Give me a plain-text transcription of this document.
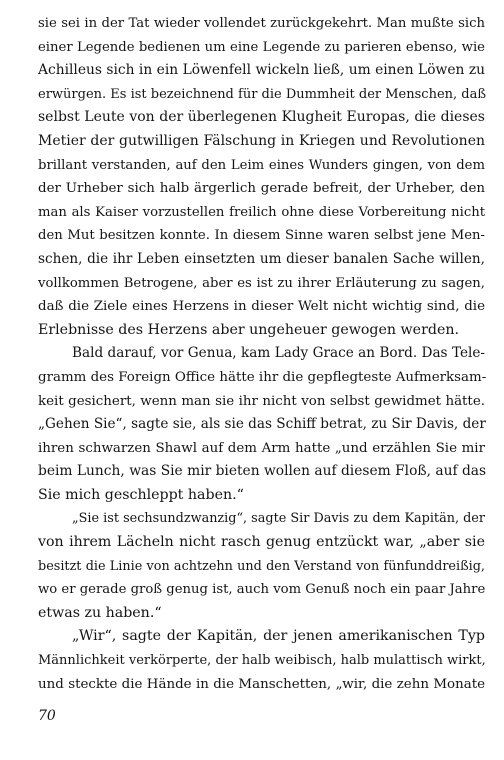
sie sei in der Tat wieder vollendet zurückgekehrt. Man mußte sich
einer Legende bedienen um eine Legende zu parieren ebenso, wie
Achilleus sich in ein Löwenfell wickeln ließ, um einen Löwen zu
erwürgen. Es ist bezeichnend für die Dummheit der Menschen, daß
selbst Leute von der überlegenen Klugheit Europas, die dieses
Metier der gutwilligen Fälschung in Kriegen und Revolutionen
brillant verstanden, auf den Leim eines Wunders gingen, von dem
der Urheber sich halb ärgerlich gerade befreit, der Urheber, den
man als Kaiser vorzustellen freilich ohne diese Vorbereitung nicht
den Mut besitzen konnte. In diesem Sinne waren selbst jene Men-
schen, die ihr Leben einsetzten um dieser banalen Sache willen,
vollkommen Betrogene, aber es ist zu ihrer Erläuterung zu sagen,
daß die Ziele eines Herzens in dieser Welt nicht wichtig sind, die
Erlebnisse des Herzens aber ungeheuer gewogen werden.
Bald darauf, vor Genua, kam Lady Grace an Bord. Das Tele-
gramm des Foreign Office hätte ihr die gepflegteste Aufmerksam-
keit gesichert, wenn man sie ihr nicht von selbst gewidmet hätte.
„Gehen Sie“, sagte sie, als sie das Schiff betrat, zu Sir Davis, der
ihren schwarzen Shawl auf dem Arm hatte „und erzählen Sie mir
beim Lunch, was Sie mir bieten wollen auf diesem Floß, auf das
Sie mich geschleppt haben.“
„Sie ist sechsundzwanzig“, sagte Sir Davis zu dem Kapitän, der
von ihrem Lächeln nicht rasch genug entzückt war, „aber sie
besitzt die Linie von achtzehn und den Verstand von fünfunddreißig,
wo er gerade groß genug ist, auch vom Genuß noch ein paar Jahre
etwas zu haben.“
„Wir“, sagte der Kapitän, der jenen amerikanischen Typ
Männlichkeit verkörperte, der halb weibisch, halb mulattisch wirkt,
und steckte die Hände in die Manschetten, „wir, die zehn Monate
70
